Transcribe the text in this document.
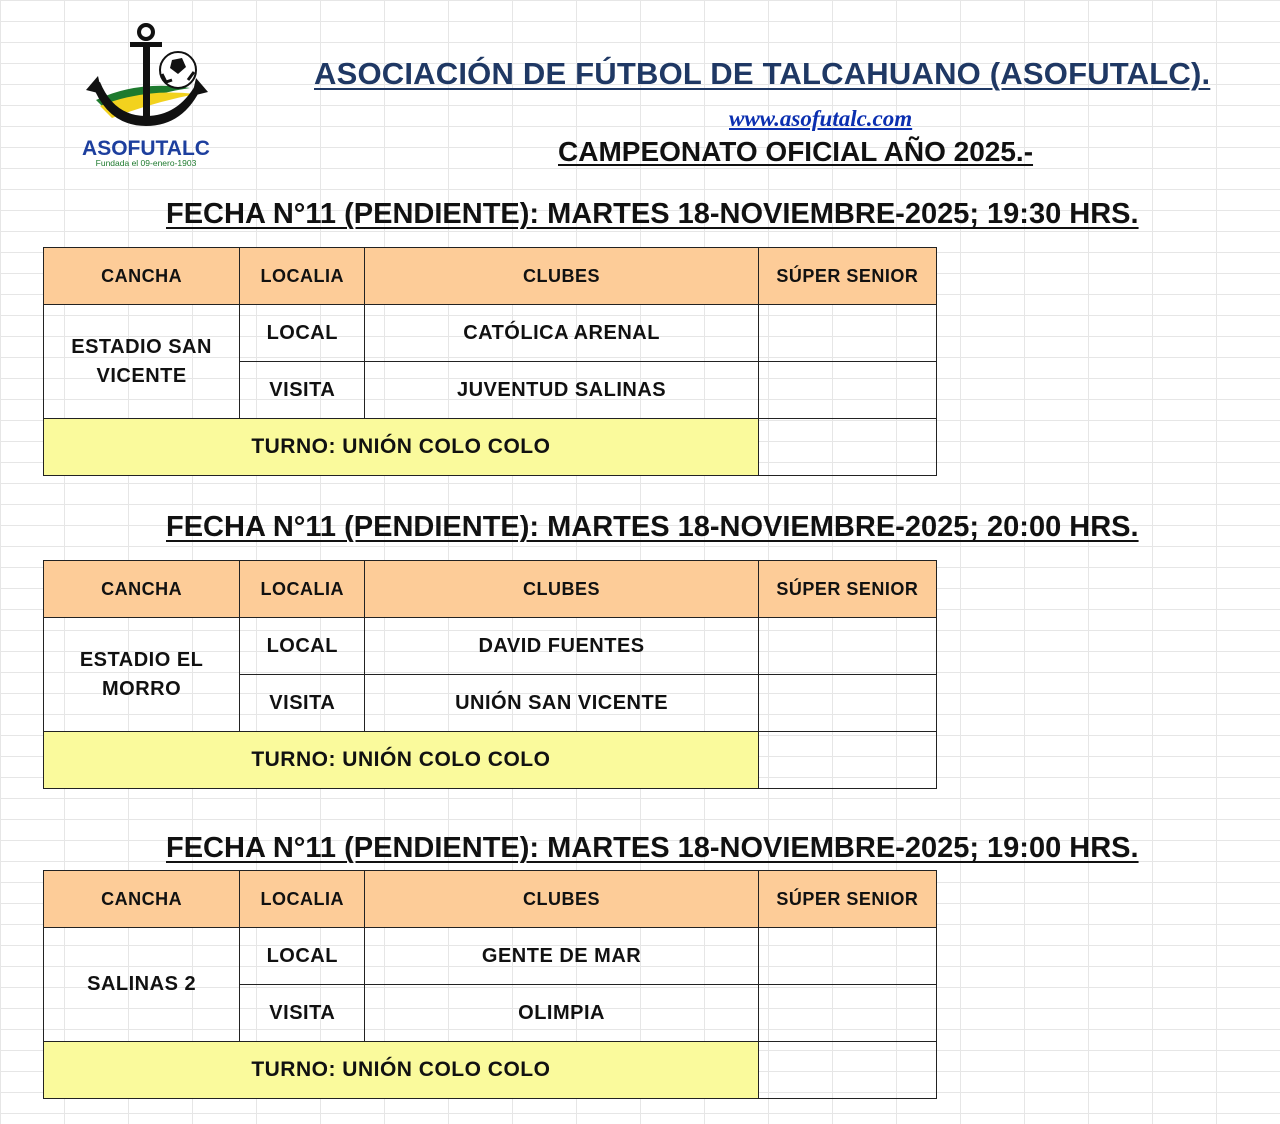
ASOFUTALC
Fundada el 09-enero-1903
ASOCIACIÓN DE FÚTBOL DE TALCAHUANO (ASOFUTALC).
www.asofutalc.com
CAMPEONATO OFICIAL AÑO 2025.-
FECHA N°11 (PENDIENTE): MARTES 18-NOVIEMBRE-2025; 19:30 HRS.
CANCHA	LOCALIA	CLUBES	SÚPER SENIOR
ESTADIO SAN VICENTE	LOCAL	CATÓLICA ARENAL	
	VISITA	JUVENTUD SALINAS	
TURNO: UNIÓN COLO COLO			
FECHA N°11 (PENDIENTE): MARTES 18-NOVIEMBRE-2025; 20:00 HRS.
CANCHA	LOCALIA	CLUBES	SÚPER SENIOR
ESTADIO EL MORRO	LOCAL	DAVID FUENTES	
	VISITA	UNIÓN SAN VICENTE	
TURNO: UNIÓN COLO COLO			
FECHA N°11 (PENDIENTE): MARTES 18-NOVIEMBRE-2025; 19:00 HRS.
CANCHA	LOCALIA	CLUBES	SÚPER SENIOR
SALINAS 2	LOCAL	GENTE DE MAR	
	VISITA	OLIMPIA	
TURNO: UNIÓN COLO COLO			
